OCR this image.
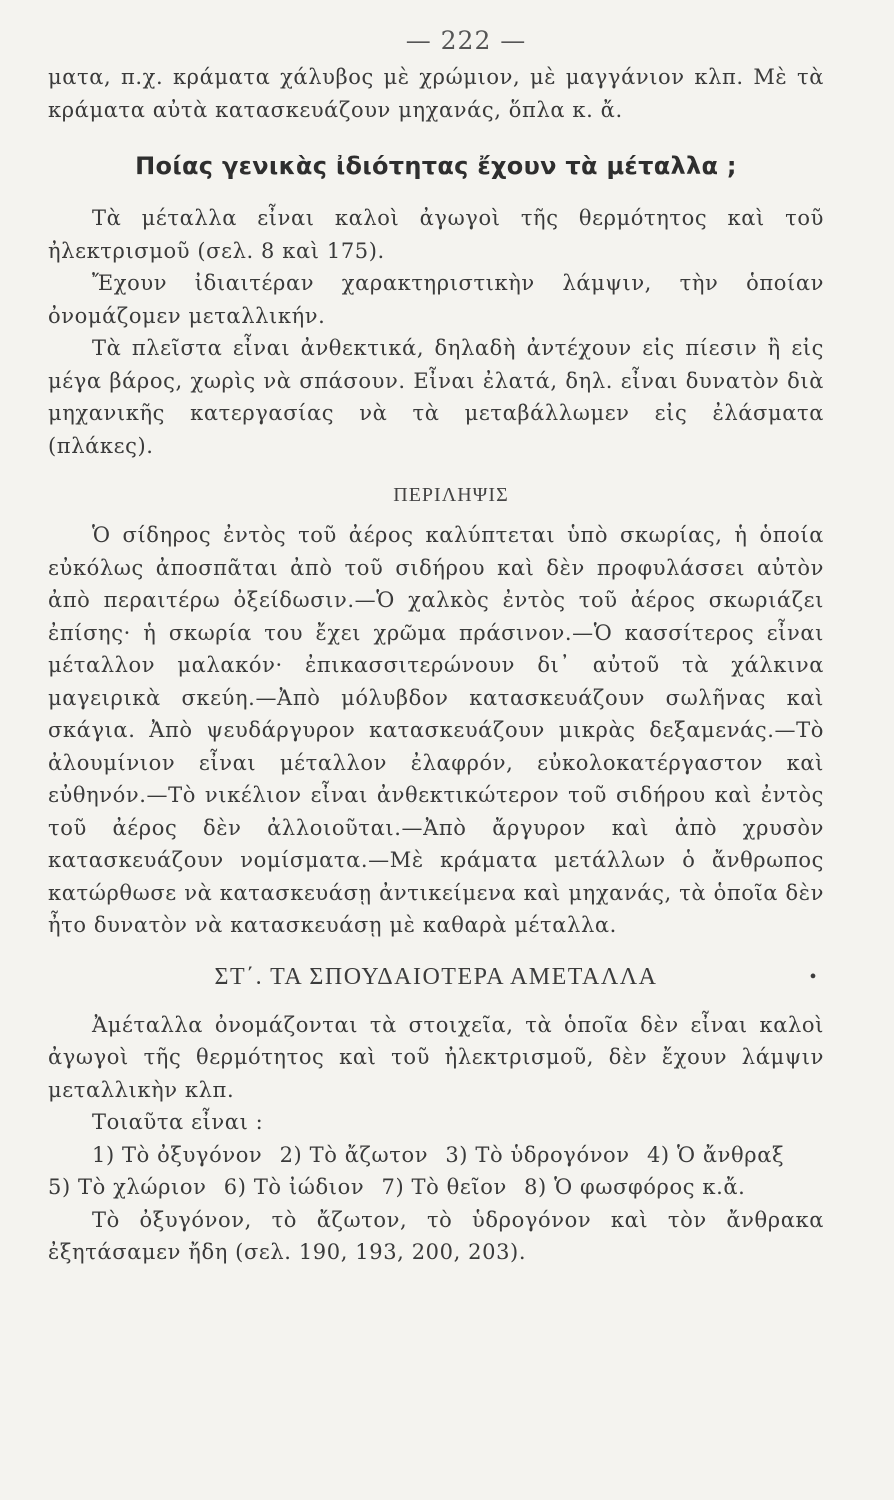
— 222 —

ματα, π.χ. κράματα χάλυβος μὲ χρώμιον, μὲ μαγγάνιον κλπ. Μὲ τὰ κράματα αὐτὰ κατασκευάζουν μηχανάς, ὅπλα κ. ἄ.

Ποίας γενικὰς ἰδιότητας ἔχουν τὰ μέταλλα ;

Τὰ μέταλλα εἶναι καλοὶ ἀγωγοὶ τῆς θερμότητος καὶ τοῦ ἠλεκτρισμοῦ (σελ. 8 καὶ 175).

Ἔχουν ἰδιαιτέραν χαρακτηριστικὴν λάμψιν, τὴν ὁποίαν ὀνομάζομεν μεταλλικήν.

Τὰ πλεῖστα εἶναι ἀνθεκτικά, δηλαδὴ ἀντέχουν εἰς πίεσιν ἢ εἰς μέγα βάρος, χωρὶς νὰ σπάσουν. Εἶναι ἐλατά, δηλ. εἶναι δυνατὸν διὰ μηχανικῆς κατεργασίας νὰ τὰ μεταβάλλωμεν εἰς ἐλάσματα (πλάκες).

ΠΕΡΙΛΗΨΙΣ

Ὁ σίδηρος ἐντὸς τοῦ ἀέρος καλύπτεται ὑπὸ σκωρίας, ἡ ὁποία εὐκόλως ἀποσπᾶται ἀπὸ τοῦ σιδήρου καὶ δὲν προφυλάσσει αὐτὸν ἀπὸ περαιτέρω ὀξείδωσιν.—Ὁ χαλκὸς ἐντὸς τοῦ ἀέρος σκωριάζει ἐπίσης· ἡ σκωρία του ἔχει χρῶμα πράσινον.—Ὁ κασσίτερος εἶναι μέταλλον μαλακόν· ἐπικασσιτερώνουν δι᾽ αὐτοῦ τὰ χάλκινα μαγειρικὰ σκεύη.—Ἀπὸ μόλυβδον κατασκευάζουν σωλῆνας καὶ σκάγια. Ἀπὸ ψευδάργυρον κατασκευάζουν μικρὰς δεξαμενάς.—Τὸ ἀλουμίνιον εἶναι μέταλλον ἐλαφρόν, εὐκολοκατέργαστον καὶ εὐθηνόν.—Τὸ νικέλιον εἶναι ἀνθεκτικώτερον τοῦ σιδήρου καὶ ἐντὸς τοῦ ἀέρος δὲν ἀλλοιοῦται.—Ἀπὸ ἄργυρον καὶ ἀπὸ χρυσὸν κατασκευάζουν νομίσματα.—Μὲ κράματα μετάλλων ὁ ἄνθρωπος κατώρθωσε νὰ κατασκευάσῃ ἀντικείμενα καὶ μηχανάς, τὰ ὁποῖα δὲν ἦτο δυνατὸν νὰ κατασκευάσῃ μὲ καθαρὰ μέταλλα.

ΣΤ΄. ΤΑ ΣΠΟΥΔΑΙΟΤΕΡΑ ΑΜΕΤΑΛΛΑ	•

Ἀμέταλλα ὀνομάζονται τὰ στοιχεῖα, τὰ ὁποῖα δὲν εἶναι καλοὶ ἀγωγοὶ τῆς θερμότητος καὶ τοῦ ἠλεκτρισμοῦ, δὲν ἔχουν λάμψιν μεταλλικὴν κλπ.

Τοιαῦτα εἶναι :

1) Τὸ ὀξυγόνον 2) Τὸ ἄζωτον 3) Τὸ ὑδρογόνον 4) Ὁ ἄνθραξ

5) Τὸ χλώριον 6) Τὸ ἰώδιον 7) Τὸ θεῖον 8) Ὁ φωσφόρος κ.ἄ.

Τὸ ὀξυγόνον, τὸ ἄζωτον, τὸ ὑδρογόνον καὶ τὸν ἄνθρακα ἐξητάσαμεν ἤδη (σελ. 190, 193, 200, 203).
